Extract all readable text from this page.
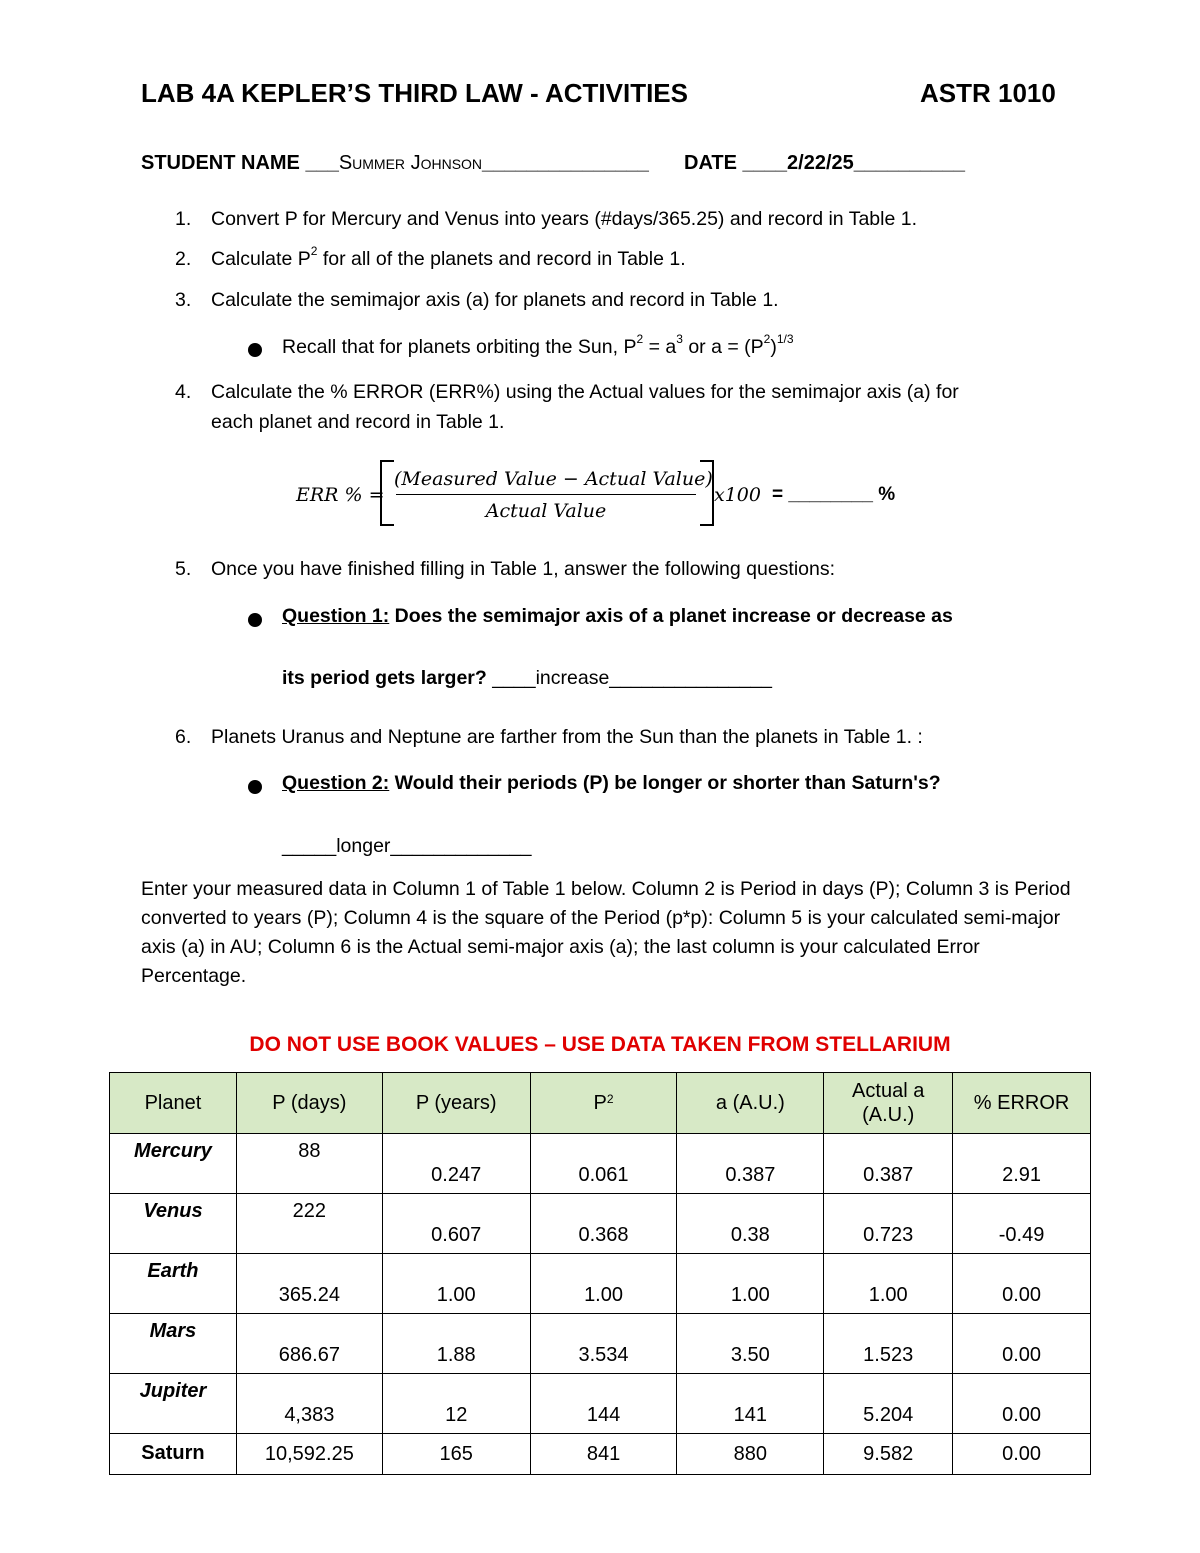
LAB 4A KEPLER’S THIRD LAW - ACTIVITIES	ASTR 1010
STUDENT NAME ___Summer Johnson_______________ DATE ____2/22/25__________
1. Convert P for Mercury and Venus into years (#days/365.25) and record in Table 1.
2. Calculate $P^2$ for all of the planets and record in Table 1.
3. Calculate the semimajor axis (a) for planets and record in Table 1.
Recall that for planets orbiting the Sun, $P^2 = a^3$ or $a = (P^2)^{1/3}$
4. Calculate the % ERROR (ERR%) using the Actual values for the semimajor axis (a) for
each planet and record in Table 1.
ERR % =
(Measured Value − Actual Value)
Actual Value
x100 = ________ %
5. Once you have finished filling in Table 1, answer the following questions:
Question 1: Does the semimajor axis of a planet increase or decrease as
its period gets larger? ____increase_______________
6. Planets Uranus and Neptune are farther from the Sun than the planets in Table 1. :
Question 2: Would their periods (P) be longer or shorter than Saturn's?
_____longer_____________
Enter your measured data in Column 1 of Table 1 below. Column 2 is Period in days (P); Column 3 is Period converted to years (P); Column 4 is the square of the Period (p*p): Column 5 is your calculated semi-major axis (a) in AU; Column 6 is the Actual semi-major axis (a); the last column is your calculated Error Percentage.
DO NOT USE BOOK VALUES – USE DATA TAKEN FROM STELLARIUM
Planet	P (days)	P (years)	$P^2$	a (A.U.)	Actual a (A.U.)	% ERROR
Mercury	88	0.247	0.061	0.387	0.387	2.91
Venus	222	0.607	0.368	0.38	0.723	-0.49
Earth	365.24	1.00	1.00	1.00	1.00	0.00
Mars	686.67	1.88	3.534	3.50	1.523	0.00
Jupiter	4,383	12	144	141	5.204	0.00
Saturn	10,592.25	165	841	880	9.582	0.00
